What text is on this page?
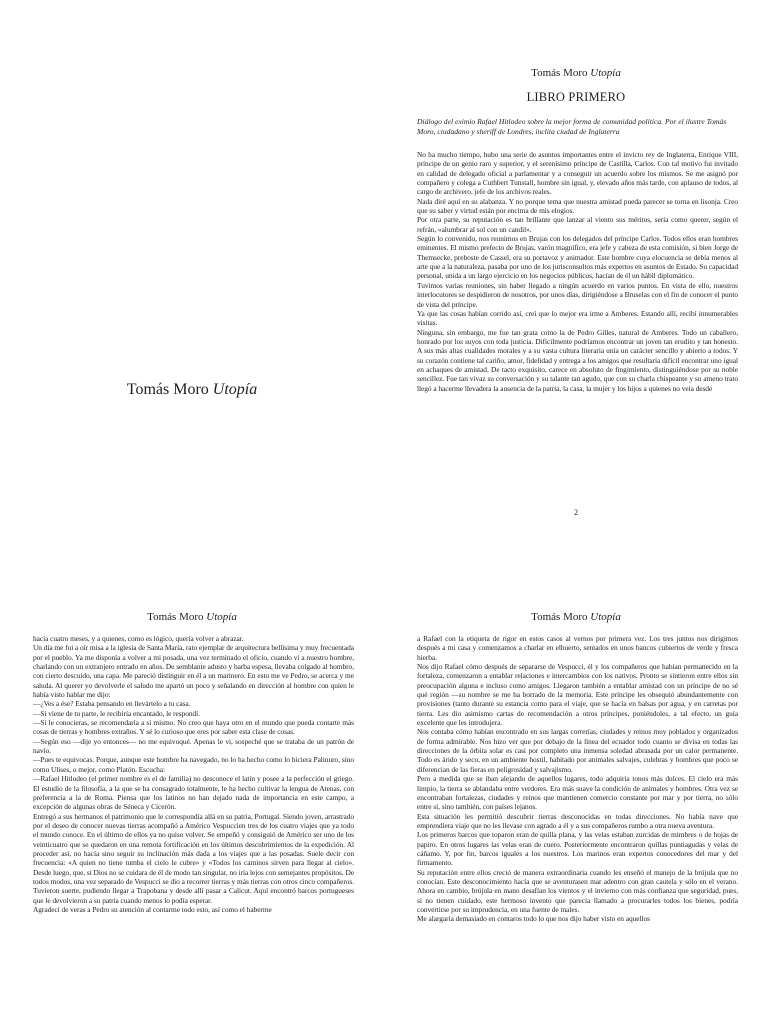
Tomás Moro Utopía
Tomás Moro Utopía
LIBRO PRIMERO
Diálogo del eximio Rafael Hitlodeo sobre la mejor forma de comunidad política. Por el ilustre Tomás Moro, ciudadano y sheriff de Londres, ínclita ciudad de Inglaterra

No ha mucho tiempo, hubo una serie de asuntos importantes entre el invicto rey de Inglaterra, Enrique VIII, príncipe de un genio raro y superior, y el serenísimo príncipe de Castilla, Carlos. Con tal motivo fui invitado en calidad de delegado oficial a parlamentar y a conseguir un acuerdo sobre los mismos. Se me asignó por compañero y colega a Cuthbert Tunstall, hombre sin igual, y, elevado años más tarde, con aplauso de todos, al cargo de archivero, jefe de los archivos reales.

Nada diré aquí en su alabanza. Y no porque tema que nuestra amistad pueda parecer se torna en lisonja. Creo que su saber y virtud están por encima de mis elogios.

Por otra parte, su reputación es tan brillante que lanzar al viento sus méritos, sería como querer, según el refrán, «alumbrar al sol con un candil».

Según lo convenido, nos reunimos en Brujas con los delegados del príncipe Carlos. Todos ellos eran hombres eminentes. El mismo prefecto de Brujas, varón magnífico, era jefe y cabeza de esta comisión, si bien Jorge de Themsecke, preboste de Cassel, era su portavoz y animador. Este hombre cuya elocuencia se debía menos al arte que a la naturaleza, pasaba por uno de los jurisconsultos más expertos en asuntos de Estado. Su capacidad personal, unida a un largo ejercicio en los negocios públicos, hacían de él un hábil diplomático.

Tuvimos varias reuniones, sin haber llegado a ningún acuerdo en varios puntos. En vista de ello, nuestros interlocutores se despidieron de nosotros, por unos días, dirigiéndose a Bruselas con el fin de conocer el punto de vista del príncipe.

Ya que las cosas habían corrido así, creí que lo mejor era irme a Amberes. Estando allí, recibí innumerables visitas.

Ninguna, sin embargo, me fue tan grata como la de Pedro Gilles, natural de Amberes. Todo un caballero, honrado por los suyos con toda justicia. Difícilmente podríamos encontrar un joven tan erudito y tan honesto. A sus más altas cualidades morales y a su vasta cultura literaria unía un carácter sencillo y abierto a todos. Y su corazón contiene tal cariño, amor, fidelidad y entrega a los amigos que resultaría difícil encontrar uno igual en achaques de amistad. De tacto exquisito, carece en absoluto de fingimiento, distinguiéndose por su noble sencillez. Fue tan vivaz su conversación y su talante tan agudo, que con su charla chispeante y su ameno trato llegó a hacerme llevadera la ausencia de la patria, la casa, la mujer y los hijos a quienes no veía desde

2
Tomás Moro Utopía

hacía cuatro meses, y a quienes, como es lógico, quería volver a abrazar.

Un día me fui a oír misa a la iglesia de Santa María, rato ejemplar de arquitectura bellísima y muy frecuentada por el pueblo. Ya me disponía a volver a mi posada, una vez terminado el oficio, cuando vi a nuestro hombre, charlando con un extranjero entrado en años. De semblante adusto y barba espesa, llevaba colgado al hombro, con cierto descuido, una capa. Me pareció distinguir en él a un marinero. En esto me ve Pedro, se acerca y me saluda. Al querer yo devolverle el saludo me apartó un poco y señalando en dirección al hombre con quien le había visto hablar me dijo:

—¿Ves a ése? Estaba pensando en llevártelo a tu casa.

—Si viene de tu parte, le recibiría encantado, le respondí.

—Si le conocieras, se recomendaría a sí mismo. No creo que haya otro en el mundo que pueda contarte más cosas de tierras y hombres extraños. Y sé lo curioso que eres por saber esta clase de cosas.

—Según eso —dije yo entonces— no me equivoqué. Apenas le vi, sospeché que se trataba de un patrón de navío.

—Pues te equivocas. Porque, aunque este hombre ha navegado, no lo ha hecho como lo hiciera Palinuro, sino como Ulises, o mejor, como Platón. Escucha:

—Rafael Hitlodeo (el primer nombre es el de familia) no desconoce el latín y posee a la perfección el griego. El estudio de la filosofía, a la que se ha consagrado totalmente, le ha hecho cultivar la lengua de Atenas, con preferencia a la de Roma. Piensa que los latinos no han dejado nada de importancia en este campo, a excepción de algunas obras de Séneca y Cicerón.

Entregó a sus hermanos el patrimonio que le correspondía allá en su patria, Portugal. Siendo joven, arrastrado por el deseo de conocer nuevas tierras acompañó a Américo Vespuccien tres de los cuatro viajes que ya todo el mundo conoce. En el último de ellos ya no quiso volver. Se empeñó y consiguió de Américo ser uno de los veinticuatro que se quedaron en una remota fortificación en los últimos descubrimientos de la expedición. Al proceder así, no hacía sino seguir su inclinación más dada a los viajes que a las posadas. Suele decir con frecuencia: «A quien no tiene tumba el cielo le cubre» y «Todos los caminos sirven para llegar al cielo». Desde luego, que, si Dios no se cuidara de él de modo tan singular, no iría lejos con semejantes propósitos. De todos modos, una vez separado de Vespucci se dio a recorrer tierras y más tierras con otros cinco compañeros. Tuvieron suerte, pudiendo llegar a Trapobana y desde allí pasar a Calicut. Aquí encontró barcos portugueses que le devolvieron a su patria cuando menos lo podía esperar.

Agradecí de veras a Pedro su atención al contarme todo esto, así como el haberme

Tomás Moro Utopía

a Rafael con la etiqueta de rigor en estos casos al vernos por primera vez. Los tres juntos nos dirigimos después a mi casa y comenzamos a charlar en elhuerto, sentados en unos bancos cubiertos de verde y fresca hierba.

Nos dijo Rafael cómo después de separarse de Vespucci, él y los compañeros que habían permanecido en la fortaleza, comenzaron a entablar relaciones e intercambios con los nativos. Pronto se sintieron entre ellos sin preocupación alguna e incluso como amigos. Llegaron también a entablar amistad con un príncipe de no sé qué región —su nombre se me ha borrado de la memoria. Este príncipe les obsequió abundantemente con provisiones (tanto durante su estancia como para el viaje, que se hacía en balsas por agua, y en carretas por tierra. Les dio asimismo cartas de recomendación a otros príncipes, poniéndoles, a tal efecto, un guía excelente que les introdujera.

Nos contaba cómo habían encontrado en sus largas correrías, ciudades y reinos muy poblados y organizados de forma admirable. Nos hizo ver que por debajo de la línea del ecuador todo cuanto se divisa en todas las direcciones de la órbita solar es casi por completo una inmensa soledad abrasada por un calor permanente. Todo es árido y seco, en un ambiente hostil, habitado por animales salvajes, culebras y hombres que poco se diferencian de las fieras en peligrosidad y salvajismo.

Pero a medida que se iban alejando de aquellos lugares, todo adquiría tonos más dulces. El cielo era más limpio, la tierra se ablandaba entre verdores. Era más suave la condición de animales y hombres. Otra vez se encontraban fortalezas, ciudades y reinos que mantienen comercio constante por mar y por tierra, no sólo entre sí, sino también, con países lejanos.

Esta situación les permitió descubrir tierras desconocidas en todas direcciones. No había nave que emprendiera viaje que no les llevase con agrado a él y a sus compañeros rumbo a otra nueva aventura.

Los primeros barcos que toparon eran de quilla plana, y las velas estaban zurcidas de mimbres o de hojas de papiro. En otros lugares las velas eran de cuero. Posteriormente encontraron quillas puntiagudas y velas de cáñamo. Y, por fin, barcos iguales a los nuestros. Los marinos eran expertos conocedores del mar y del firmamento.

Su reputación entre ellos creció de manera extraordinaria cuando les enseñó el manejo de la brújula que no conocían. Este desconocimiento hacía que se aventurasen mar adentro con gran cautela y sólo en el verano. Ahora en cambio, brújula en mano desafían los vientos y el invierno con más confianza que seguridad, pues, si no tienen cuidado, este hermoso invento que parecía llamado a procurarles todos los bienes, podría convertirse por su imprudencia, en una fuente de males.

Me alargaría demasiado en contaros todo lo que nos dijo haber visto en aquellos
